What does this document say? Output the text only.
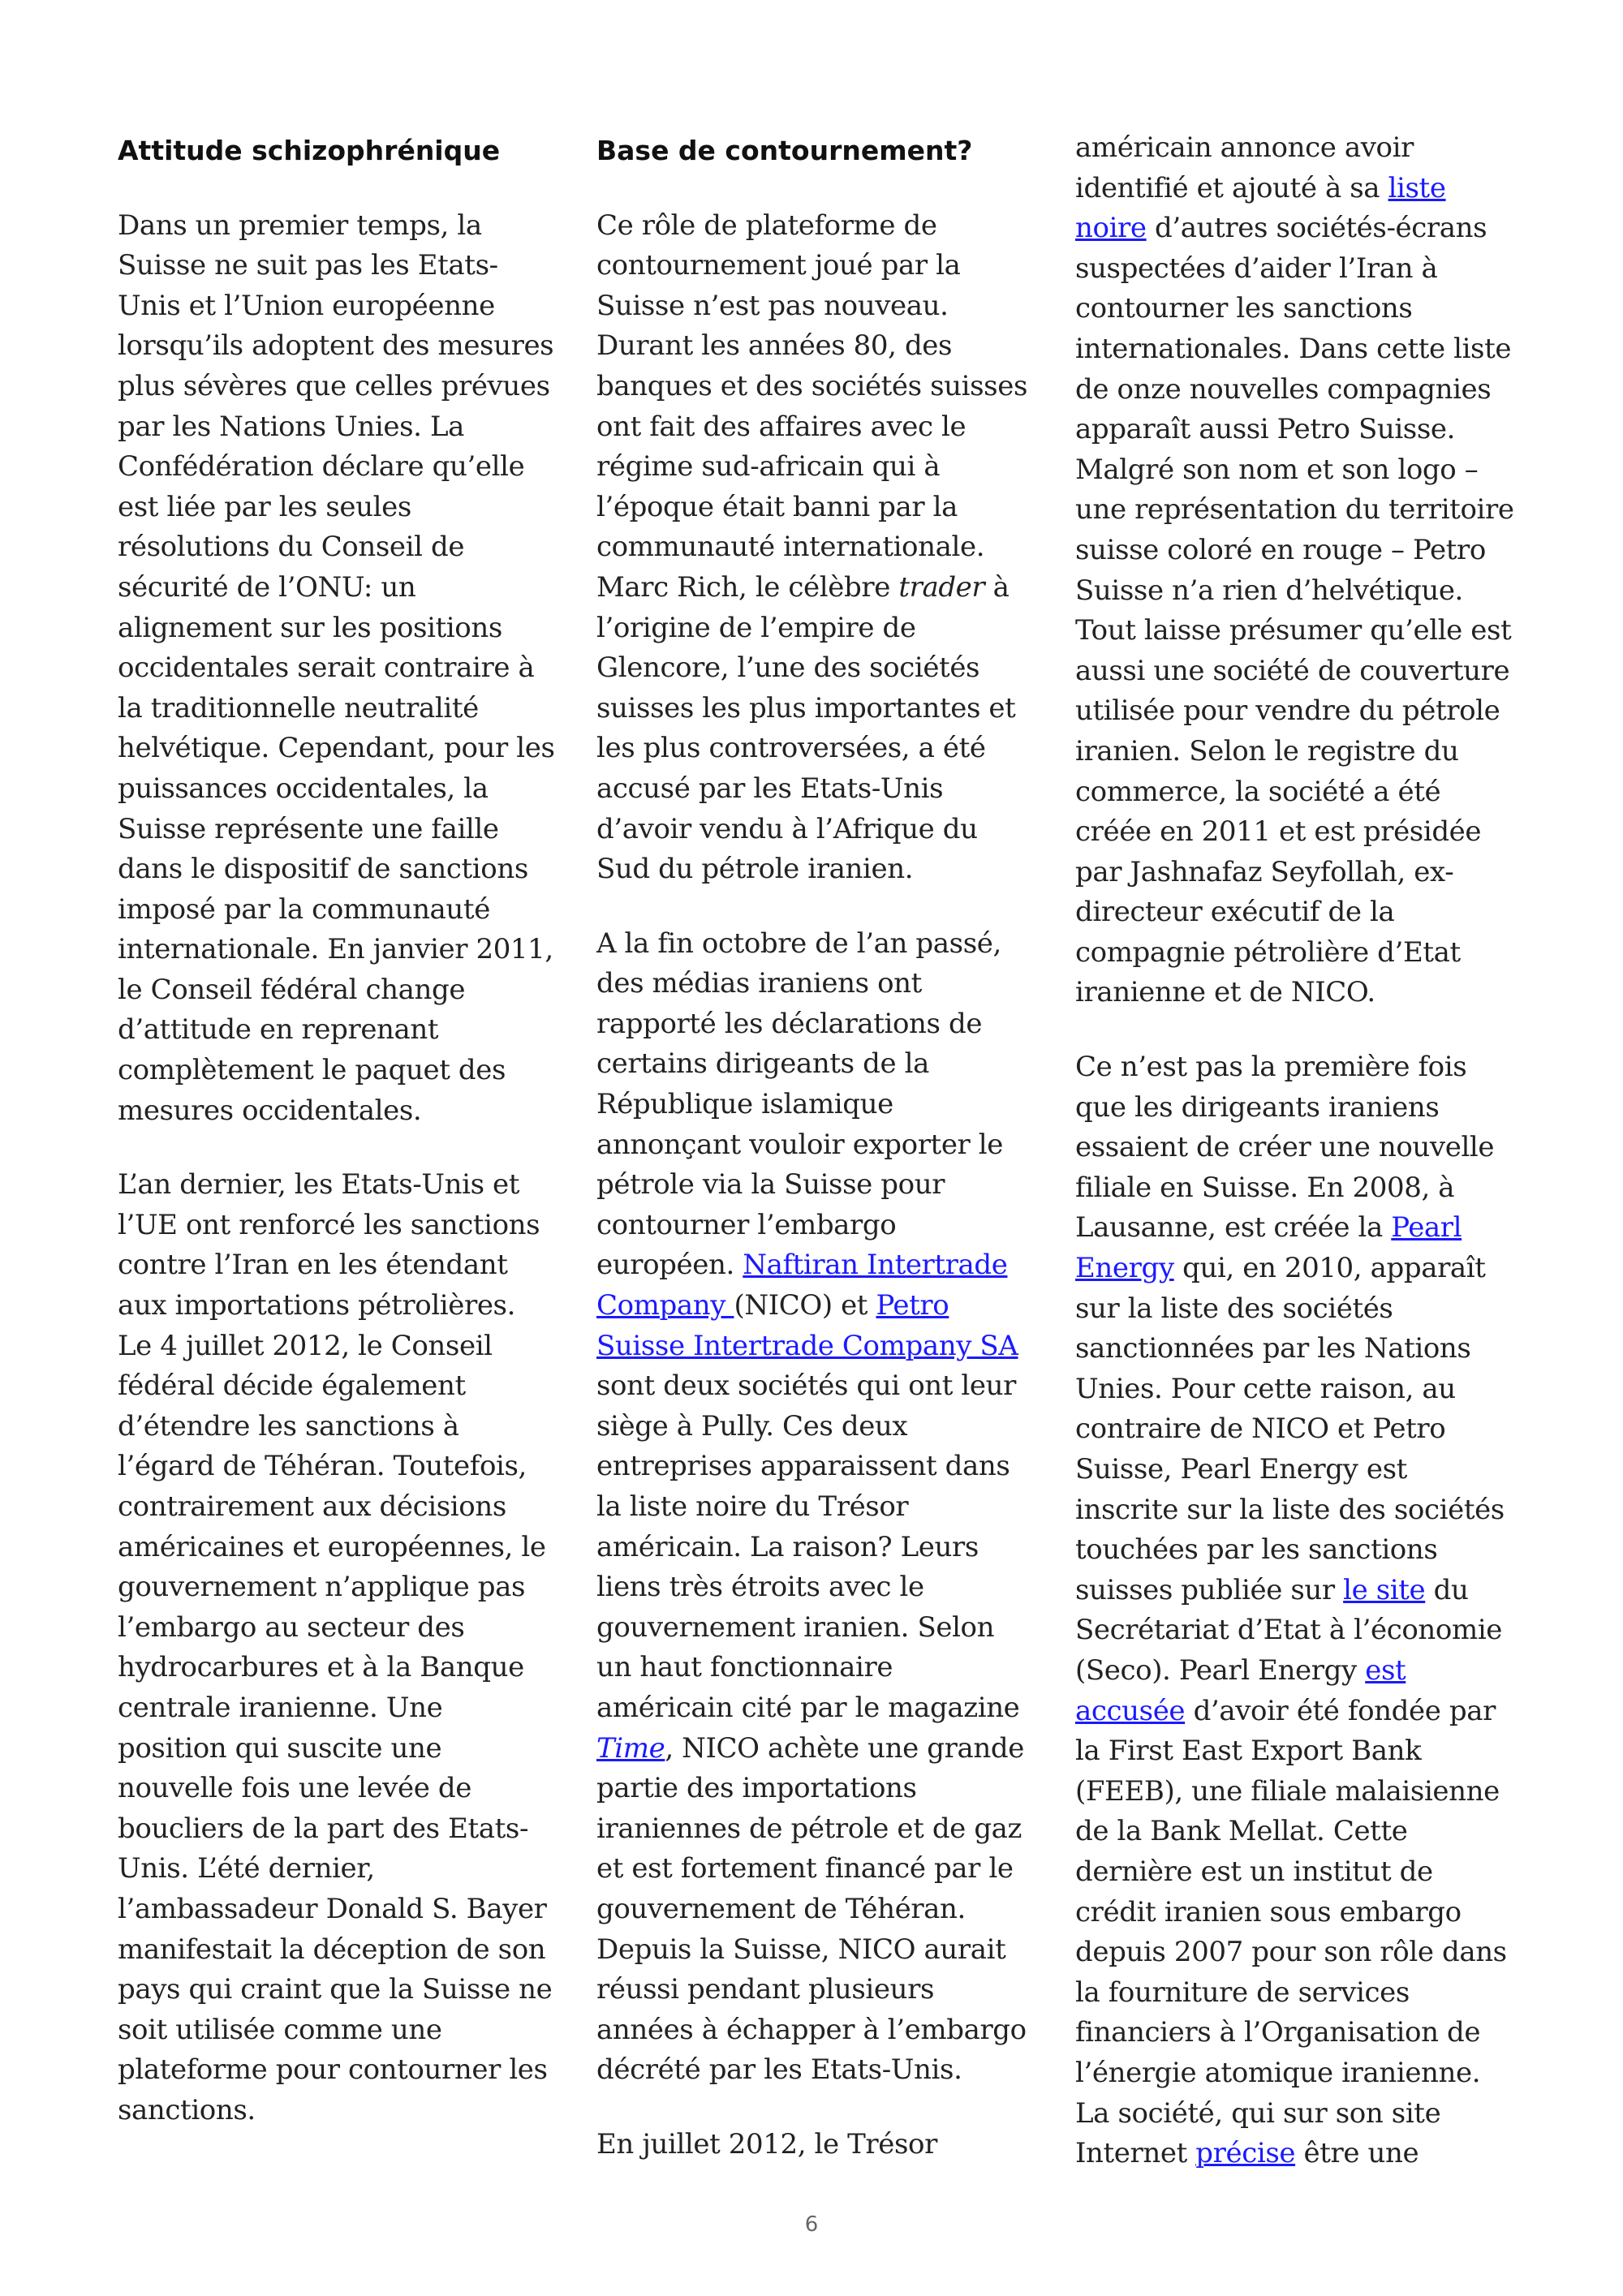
Attitude schizophrénique

Dans un premier temps, la Suisse ne suit pas les Etats-Unis et l’Union européenne lorsqu’ils adoptent des mesures plus sévères que celles prévues par les Nations Unies. La Confédération déclare qu’elle est liée par les seules résolutions du Conseil de sécurité de l’ONU: un alignement sur les positions occidentales serait contraire à la traditionnelle neutralité helvétique. Cependant, pour les puissances occidentales, la Suisse représente une faille dans le dispositif de sanctions imposé par la communauté internationale. En janvier 2011, le Conseil fédéral change d’attitude en reprenant complètement le paquet des mesures occidentales.

L’an dernier, les Etats-Unis et l’UE ont renforcé les sanctions contre l’Iran en les étendant aux importations pétrolières. Le 4 juillet 2012, le Conseil fédéral décide également d’étendre les sanctions à l’égard de Téhéran. Toutefois, contrairement aux décisions américaines et européennes, le gouvernement n’applique pas l’embargo au secteur des hydrocarbures et à la Banque centrale iranienne. Une position qui suscite une nouvelle fois une levée de boucliers de la part des Etats-Unis. L’été dernier, l’ambassadeur Donald S. Bayer manifestait la déception de son pays qui craint que la Suisse ne soit utilisée comme une plateforme pour contourner les sanctions.

Base de contournement?

Ce rôle de plateforme de contournement joué par la Suisse n’est pas nouveau. Durant les années 80, des banques et des sociétés suisses ont fait des affaires avec le régime sud-africain qui à l’époque était banni par la communauté internationale. Marc Rich, le célèbre trader à l’origine de l’empire de Glencore, l’une des sociétés suisses les plus importantes et les plus controversées, a été accusé par les Etats-Unis d’avoir vendu à l’Afrique du Sud du pétrole iranien.

A la fin octobre de l’an passé, des médias iraniens ont rapporté les déclarations de certains dirigeants de la République islamique annonçant vouloir exporter le pétrole via la Suisse pour contourner l’embargo européen. Naftiran Intertrade Company (NICO) et Petro Suisse Intertrade Company SA sont deux sociétés qui ont leur siège à Pully. Ces deux entreprises apparaissent dans la liste noire du Trésor américain. La raison? Leurs liens très étroits avec le gouvernement iranien. Selon un haut fonctionnaire américain cité par le magazine Time, NICO achète une grande partie des importations iraniennes de pétrole et de gaz et est fortement financé par le gouvernement de Téhéran. Depuis la Suisse, NICO aurait réussi pendant plusieurs années à échapper à l’embargo décrété par les Etats-Unis.

En juillet 2012, le Trésor

américain annonce avoir identifié et ajouté à sa liste noire d’autres sociétés-écrans suspectées d’aider l’Iran à contourner les sanctions internationales. Dans cette liste de onze nouvelles compagnies apparaît aussi Petro Suisse. Malgré son nom et son logo – une représentation du territoire suisse coloré en rouge – Petro Suisse n’a rien d’helvétique. Tout laisse présumer qu’elle est aussi une société de couverture utilisée pour vendre du pétrole iranien. Selon le registre du commerce, la société a été créée en 2011 et est présidée par Jashnafaz Seyfollah, ex-directeur exécutif de la compagnie pétrolière d’Etat iranienne et de NICO.

Ce n’est pas la première fois que les dirigeants iraniens essaient de créer une nouvelle filiale en Suisse. En 2008, à Lausanne, est créée la Pearl Energy qui, en 2010, apparaît sur la liste des sociétés sanctionnées par les Nations Unies. Pour cette raison, au contraire de NICO et Petro Suisse, Pearl Energy est inscrite sur la liste des sociétés touchées par les sanctions suisses publiée sur le site du Secrétariat d’Etat à l’économie (Seco). Pearl Energy est accusée d’avoir été fondée par la First East Export Bank (FEEB), une filiale malaisienne de la Bank Mellat. Cette dernière est un institut de crédit iranien sous embargo depuis 2007 pour son rôle dans la fourniture de services financiers à l’Organisation de l’énergie atomique iranienne. La société, qui sur son site Internet précise être une

6
